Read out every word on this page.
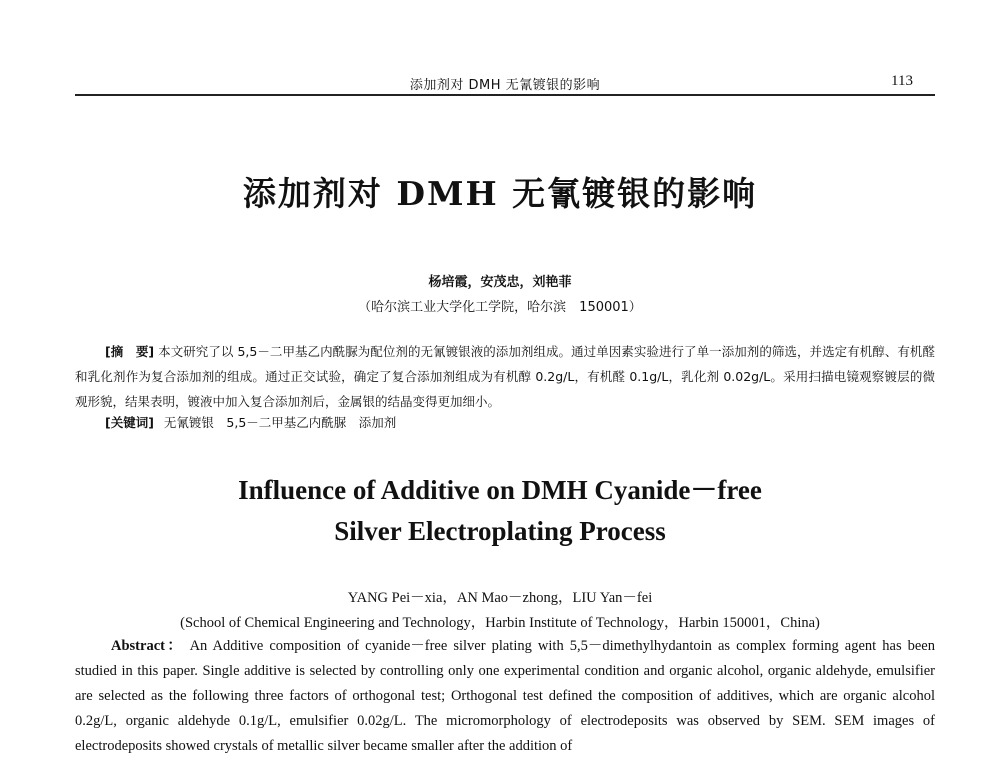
添加剂对 DMH 无氰镀银的影响	113
添加剂对 DMH 无氰镀银的影响
杨培霞，安茂忠，刘艳菲
（哈尔滨工业大学化工学院，哈尔滨　150001）
[摘　要] 本文研究了以 5,5－二甲基乙内酰脲为配位剂的无氰镀银液的添加剂组成。通过单因素实验进行了单一添加剂的筛选，并选定有机醇、有机醛和乳化剂作为复合添加剂的组成。通过正交试验，确定了复合添加剂组成为有机醇 0.2g/L，有机醛 0.1g/L，乳化剂 0.02g/L。采用扫描电镜观察镀层的微观形貌，结果表明，镀液中加入复合添加剂后，金属银的结晶变得更加细小。
[关键词] 无氰镀银　5,5－二甲基乙内酰脲　添加剂
Influence of Additive on DMH Cyanide－free
Silver Electroplating Process
YANG Pei－xia，AN Mao－zhong，LIU Yan－fei
(School of Chemical Engineering and Technology，Harbin Institute of Technology，Harbin 150001，China)
Abstract： An Additive composition of cyanide－free silver plating with 5,5－dimethylhydantoin as complex forming agent has been studied in this paper. Single additive is selected by controlling only one experimental condition and organic alcohol, organic aldehyde, emulsifier are selected as the following three factors of orthogonal test; Orthogonal test defined the composition of additives, which are organic alcohol 0.2g/L, organic aldehyde 0.1g/L, emulsifier 0.02g/L. The micromorphology of electrodeposits was observed by SEM. SEM images of electrodeposits showed crystals of metallic silver became smaller after the addition of
